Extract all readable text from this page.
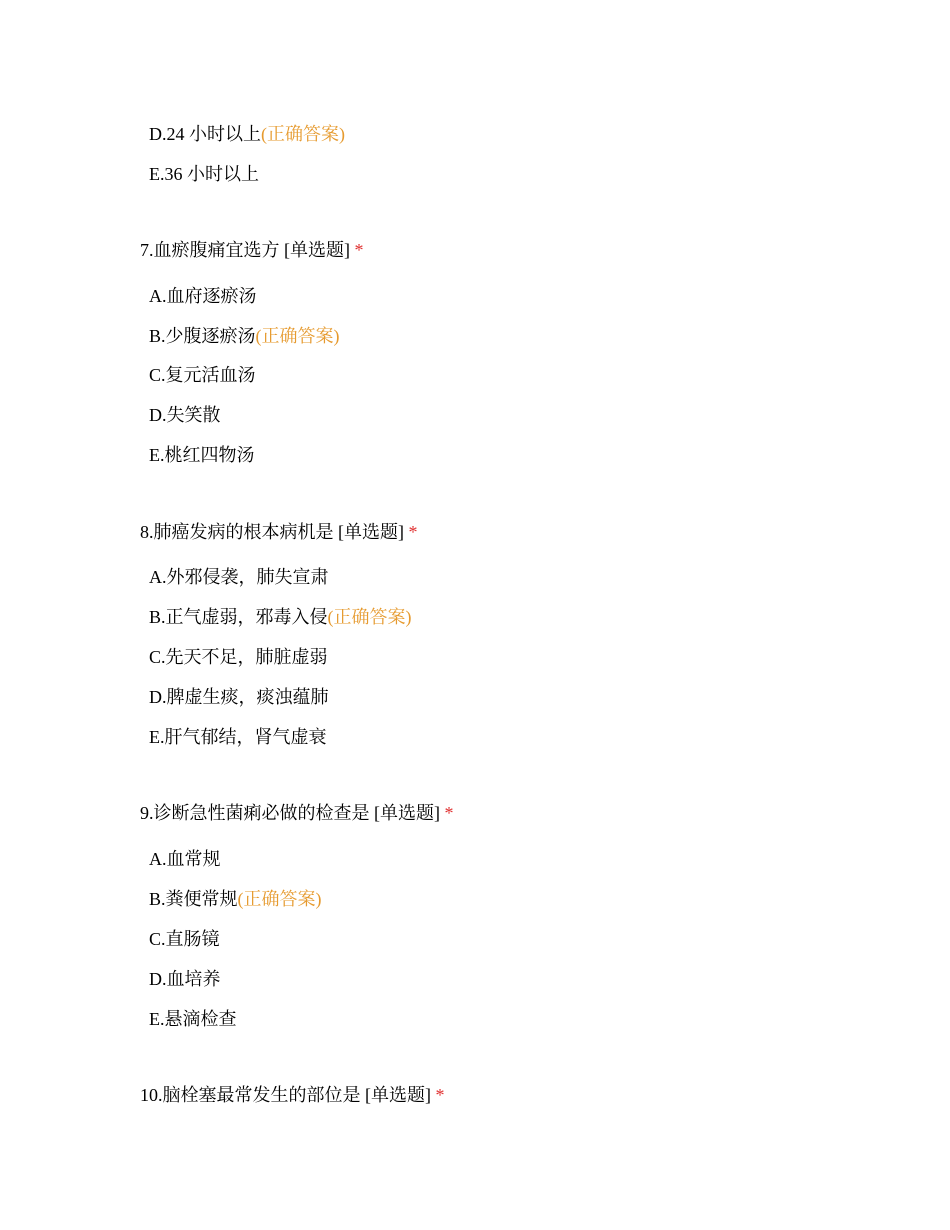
D.24 小时以上(正确答案)
E.36 小时以上
7.血瘀腹痛宜选方 [单选题] *
A.血府逐瘀汤
B.少腹逐瘀汤(正确答案)
C.复元活血汤
D.失笑散
E.桃红四物汤
8.肺癌发病的根本病机是 [单选题] *
A.外邪侵袭，肺失宣肃
B.正气虚弱，邪毒入侵(正确答案)
C.先天不足，肺脏虚弱
D.脾虚生痰，痰浊蕴肺
E.肝气郁结，肾气虚衰
9.诊断急性菌痢必做的检查是 [单选题] *
A.血常规
B.粪便常规(正确答案)
C.直肠镜
D.血培养
E.悬滴检查
10.脑栓塞最常发生的部位是 [单选题] *
